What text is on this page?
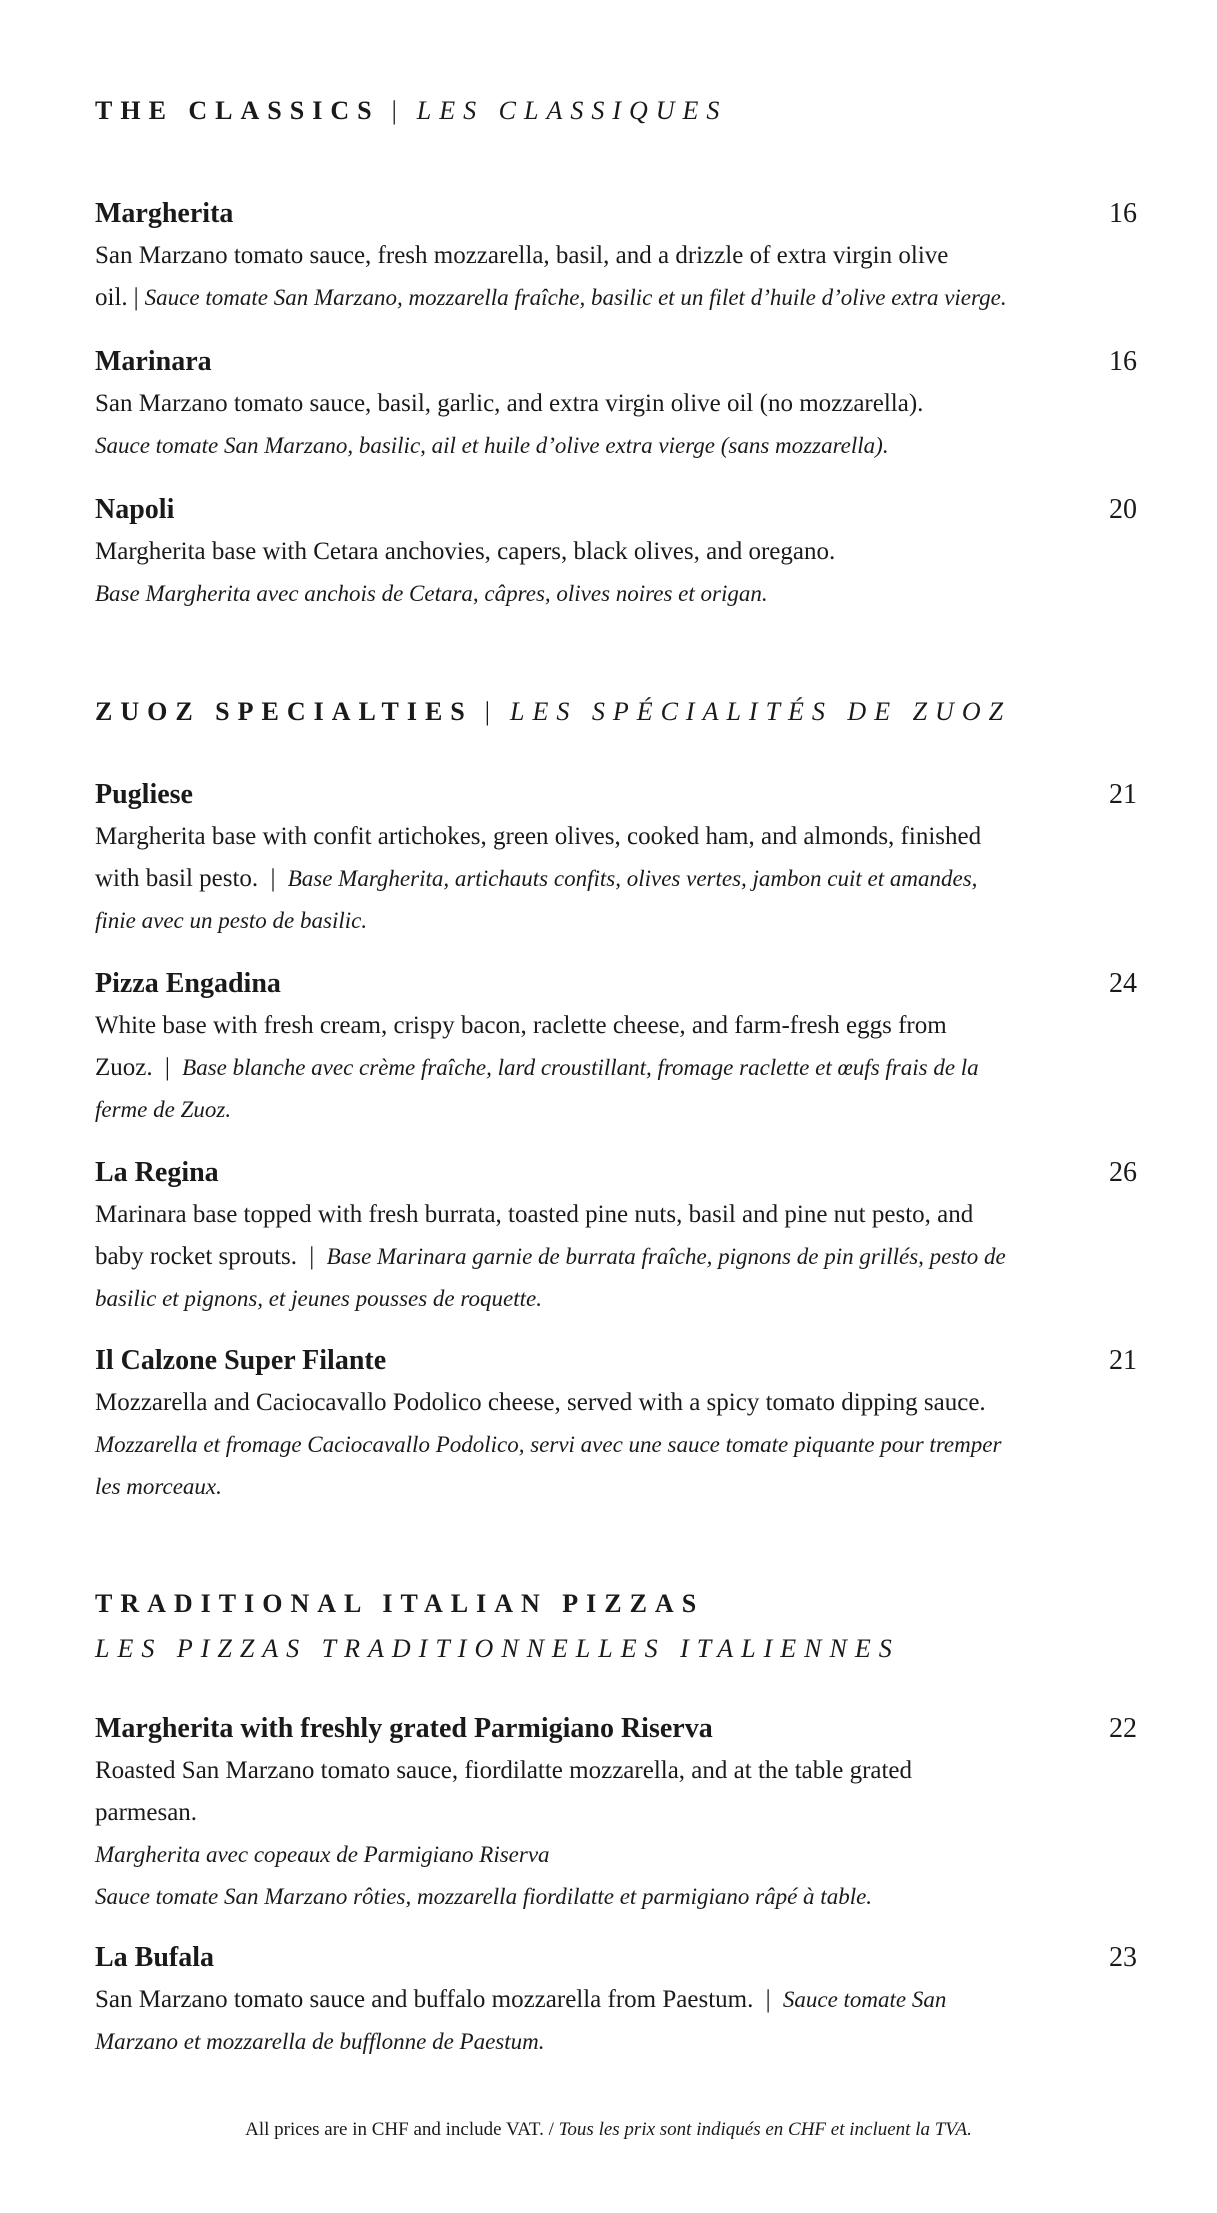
THE CLASSICS | LES CLASSIQUES
Margherita	16
San Marzano tomato sauce, fresh mozzarella, basil, and a drizzle of extra virgin olive
oil. | Sauce tomate San Marzano, mozzarella fraîche, basilic et un filet d’huile d’olive extra vierge.
Marinara	16
San Marzano tomato sauce, basil, garlic, and extra virgin olive oil (no mozzarella).
Sauce tomate San Marzano, basilic, ail et huile d’olive extra vierge (sans mozzarella).
Napoli	20
Margherita base with Cetara anchovies, capers, black olives, and oregano.
Base Margherita avec anchois de Cetara, câpres, olives noires et origan.
ZUOZ SPECIALTIES | LES SPÉCIALITÉS DE ZUOZ
Pugliese	21
Margherita base with confit artichokes, green olives, cooked ham, and almonds, finished
with basil pesto. | Base Margherita, artichauts confits, olives vertes, jambon cuit et amandes,
finie avec un pesto de basilic.
Pizza Engadina	24
White base with fresh cream, crispy bacon, raclette cheese, and farm-fresh eggs from
Zuoz. | Base blanche avec crème fraîche, lard croustillant, fromage raclette et œufs frais de la
ferme de Zuoz.
La Regina	26
Marinara base topped with fresh burrata, toasted pine nuts, basil and pine nut pesto, and
baby rocket sprouts. | Base Marinara garnie de burrata fraîche, pignons de pin grillés, pesto de
basilic et pignons, et jeunes pousses de roquette.
Il Calzone Super Filante	21
Mozzarella and Caciocavallo Podolico cheese, served with a spicy tomato dipping sauce.
Mozzarella et fromage Caciocavallo Podolico, servi avec une sauce tomate piquante pour tremper
les morceaux.
TRADITIONAL ITALIAN PIZZAS
LES PIZZAS TRADITIONNELLES ITALIENNES
Margherita with freshly grated Parmigiano Riserva	22
Roasted San Marzano tomato sauce, fiordilatte mozzarella, and at the table grated
parmesan.
Margherita avec copeaux de Parmigiano Riserva
Sauce tomate San Marzano rôties, mozzarella fiordilatte et parmigiano râpé à table.
La Bufala	23
San Marzano tomato sauce and buffalo mozzarella from Paestum. | Sauce tomate San
Marzano et mozzarella de bufflonne de Paestum.
All prices are in CHF and include VAT. / Tous les prix sont indiqués en CHF et incluent la TVA.
